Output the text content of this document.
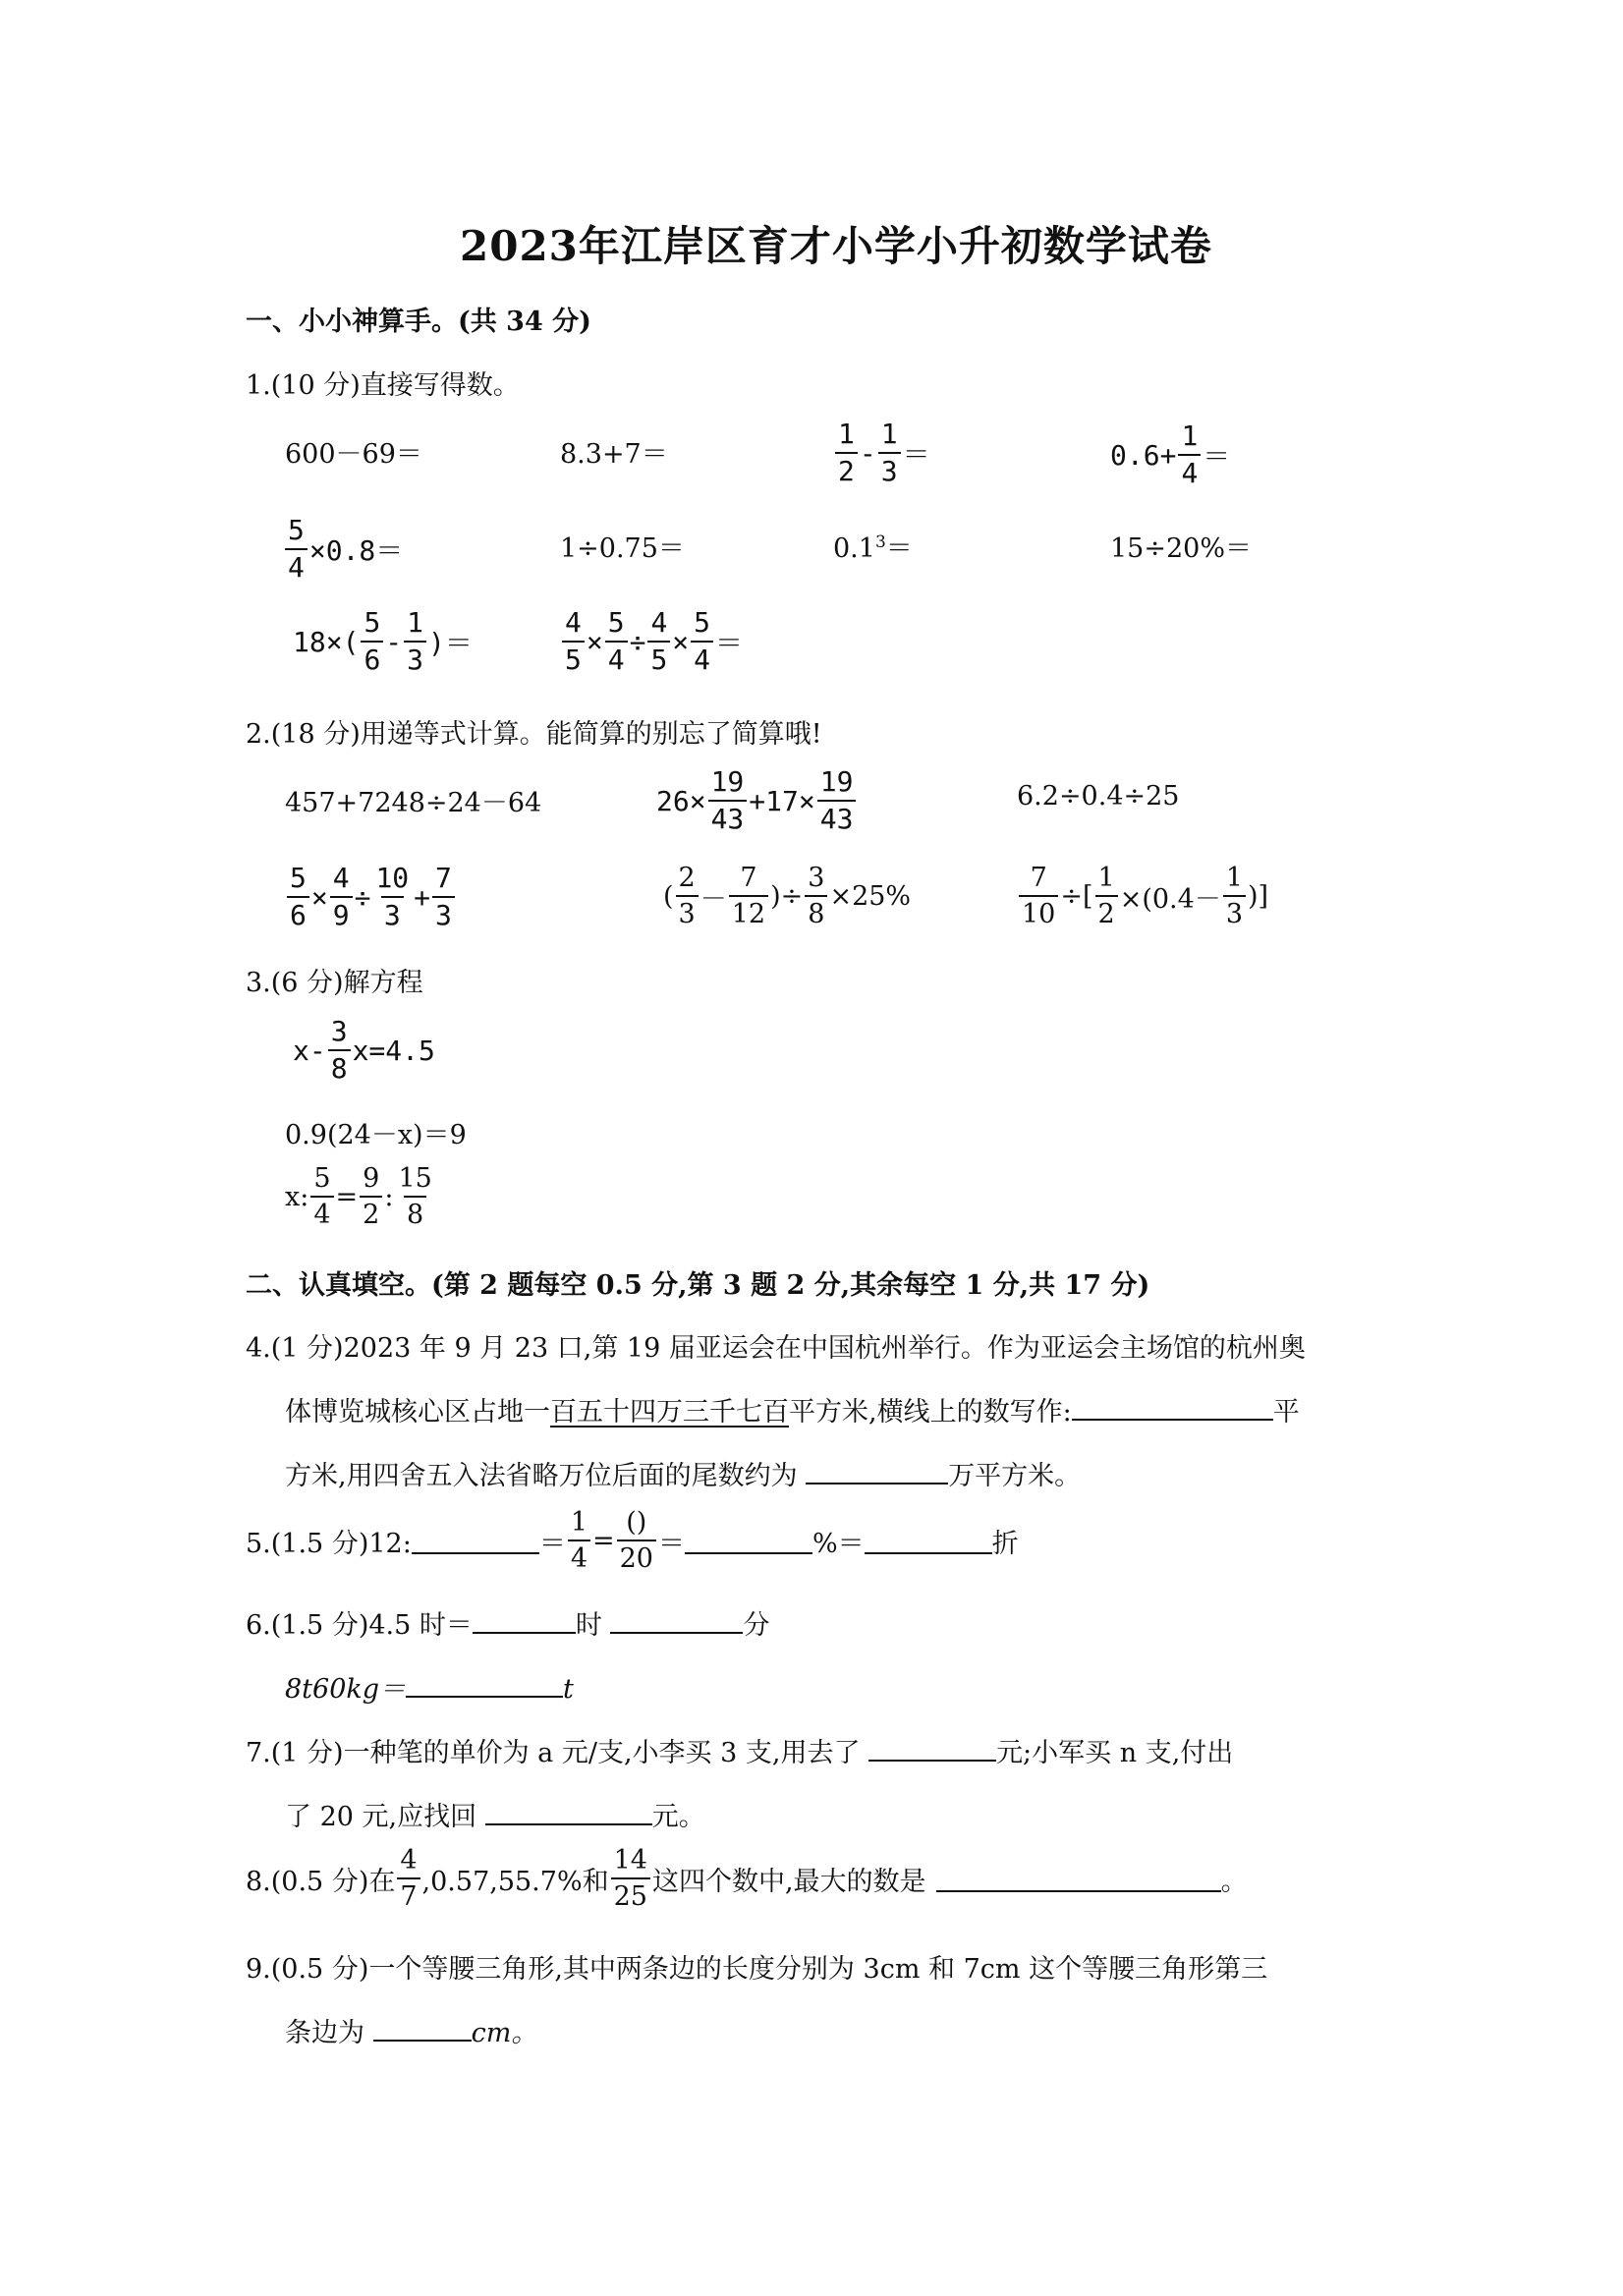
2023年江岸区育才小学小升初数学试卷
一、小小神算手。(共 34 分)
1.(10 分)直接写得数。
600－69＝	8.3+7＝	$\frac{1}{2} - \frac{1}{3}$ ＝	$0.6+ \frac{1}{4}$ ＝
$\frac{5}{4} \times 0.8=$	1÷0.75＝	$0.1^3=$	15÷20%＝
$18\times( \frac{5}{6} - \frac{1}{3}$ )＝	$\frac{4}{5} \times \frac{5}{4} \div \frac{4}{5} \times \frac{5}{4}$ ＝
2.(18 分)用递等式计算。能简算的别忘了简算哦!
457+7248÷24－64	$26\times \frac{19}{43} +17\times \frac{19}{43}$	6.2÷0.4÷25
$\frac{5}{6} \times \frac{4}{9} \div \frac{10}{3} + \frac{7}{3}$	( $\frac{2}{3} - \frac{7}{12}$ )÷ $\frac{3}{8} \times 25\%$	$\frac{7}{10}$ ÷[ $\frac{1}{2} \times(0.4- \frac{1}{3}$ )]
3.(6 分)解方程
$x- \frac{3}{8} x=4.5$
0.9(24－x)＝9
x: $\frac{5}{4} = \frac{9}{2}$ : $\frac{15}{8}$
二、认真填空。(第 2 题每空 0.5 分,第 3 题 2 分,其余每空 1 分,共 17 分)
4.(1 分)2023 年 9 月 23 口,第 19 届亚运会在中国杭州举行。作为亚运会主场馆的杭州奥
体博览城核心区占地一百五十四万三千七百平方米,横线上的数写作:	平
方米,用四舍五入法省略万位后面的尾数约为	万平方米。
5.(1.5 分)12:	＝ $\frac{1}{4} = \frac{()}{20}$ ＝	%＝	折
6.(1.5 分)4.5 时＝	时	分
8t60kg＝	t
7.(1 分)一种笔的单价为 a 元/支,小李买 3 支,用去了	元;小军买 n 支,付出
了 20 元,应找回	元。
8.(0.5 分)在 $\frac{4}{7} ,0.57,55.7\%$和 $\frac{14}{25}$ 这四个数中,最大的数是	。
9.(0.5 分)一个等腰三角形,其中两条边的长度分别为 3cm 和 7cm 这个等腰三角形第三
条边为	cm。
